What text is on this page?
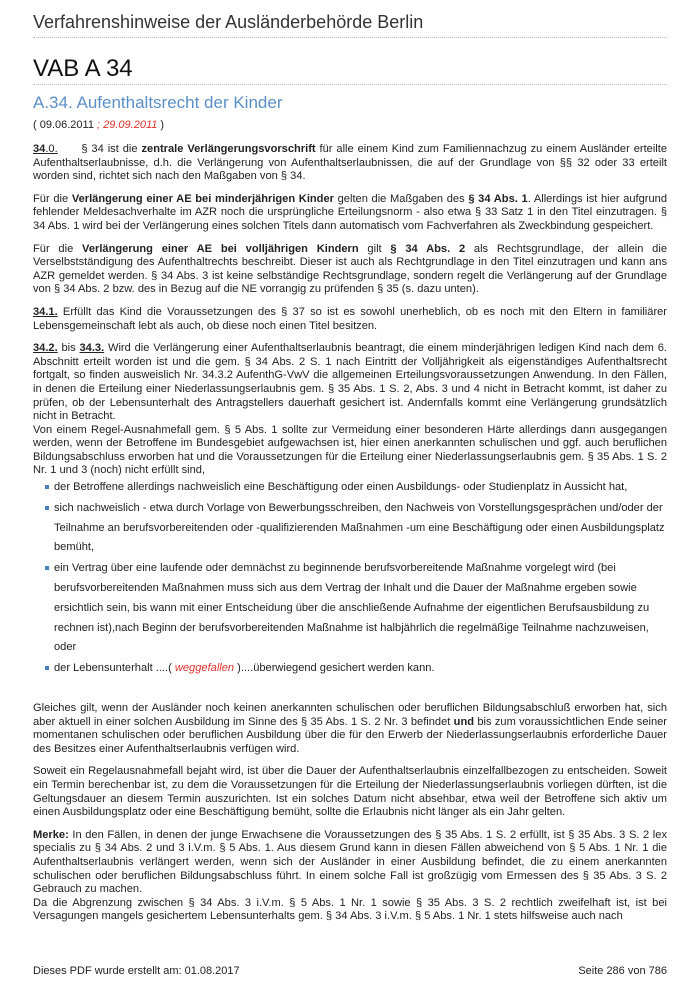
Verfahrenshinweise der Ausländerbehörde Berlin
VAB A 34
A.34. Aufenthaltsrecht der Kinder
( 09.06.2011 ; 29.09.2011 )

34.0.      § 34 ist die zentrale Verlängerungsvorschrift für alle einem Kind zum Familiennachzug zu einem Ausländer erteilte Aufenthaltserlaubnisse, d.h. die Verlängerung von Aufenthaltserlaubnissen, die auf der Grundlage von §§ 32 oder 33 erteilt worden sind, richtet sich nach den Maßgaben von § 34.

Für die Verlängerung einer AE bei minderjährigen Kinder gelten die Maßgaben des § 34 Abs. 1. Allerdings ist hier aufgrund fehlender Meldesachverhalte im AZR noch die ursprüngliche Erteilungsnorm - also etwa § 33 Satz 1 in den Titel einzutragen. § 34 Abs. 1 wird bei der Verlängerung eines solchen Titels dann automatisch vom Fachverfahren als Zweckbindung gespeichert.

Für die Verlängerung einer AE bei volljährigen Kindern gilt § 34 Abs. 2 als Rechtsgrundlage, der allein die Verselbstständigung des Aufenthaltrechts beschreibt. Dieser ist auch als Rechtgrundlage in den Titel einzutragen und kann ans AZR gemeldet werden. § 34 Abs. 3 ist keine selbständige Rechtsgrundlage, sondern regelt die Verlängerung auf der Grundlage von § 34 Abs. 2 bzw. des in Bezug auf die NE vorrangig zu prüfenden § 35 (s. dazu unten).

34.1. Erfüllt das Kind die Voraussetzungen des § 37 so ist es sowohl unerheblich, ob es noch mit den Eltern in familiärer Lebensgemeinschaft lebt als auch, ob diese noch einen Titel besitzen.

34.2. bis 34.3. Wird die Verlängerung einer Aufenthaltserlaubnis beantragt, die einem minderjährigen ledigen Kind nach dem 6. Abschnitt erteilt worden ist und die gem. § 34 Abs. 2 S. 1 nach Eintritt der Volljährigkeit als eigenständiges Aufenthaltsrecht fortgalt, so finden ausweislich Nr. 34.3.2 AufenthG-VwV die allgemeinen Erteilungsvoraussetzungen Anwendung. In den Fällen, in denen die Erteilung einer Niederlassungserlaubnis gem. § 35 Abs. 1 S. 2, Abs. 3 und 4 nicht in Betracht kommt, ist daher zu prüfen, ob der Lebensunterhalt des Antragstellers dauerhaft gesichert ist. Andernfalls kommt eine Verlängerung grundsätzlich nicht in Betracht.

Von einem Regel-Ausnahmefall gem. § 5 Abs. 1 sollte zur Vermeidung einer besonderen Härte allerdings dann ausgegangen werden, wenn der Betroffene im Bundesgebiet aufgewachsen ist, hier einen anerkannten schulischen und ggf. auch beruflichen Bildungsabschluss erworben hat und die Voraussetzungen für die Erteilung einer Niederlassungserlaubnis gem. § 35 Abs. 1 S. 2 Nr. 1 und 3 (noch) nicht erfüllt sind,

der Betroffene allerdings nachweislich eine Beschäftigung oder einen Ausbildungs- oder Studienplatz in Aussicht hat,
sich nachweislich - etwa durch Vorlage von Bewerbungsschreiben, den Nachweis von Vorstellungsgesprächen und/oder der Teilnahme an berufsvorbereitenden oder -qualifizierenden Maßnahmen -um eine Beschäftigung oder einen Ausbildungsplatz bemüht,
ein Vertrag über eine laufende oder demnächst zu beginnende berufsvorbereitende Maßnahme vorgelegt wird (bei berufsvorbereitenden Maßnahmen muss sich aus dem Vertrag der Inhalt und die Dauer der Maßnahme ergeben sowie ersichtlich sein, bis wann mit einer Entscheidung über die anschließende Aufnahme der eigentlichen Berufsausbildung zu rechnen ist),nach Beginn der berufsvorbereitenden Maßnahme ist halbjährlich die regelmäßige Teilnahme nachzuweisen, oder
der Lebensunterhalt ....( weggefallen )....überwiegend gesichert werden kann.

Gleiches gilt, wenn der Ausländer noch keinen anerkannten schulischen oder beruflichen Bildungsabschluß erworben hat, sich aber aktuell in einer solchen Ausbildung im Sinne des § 35 Abs. 1 S. 2 Nr. 3 befindet und bis zum voraussichtlichen Ende seiner momentanen schulischen oder beruflichen Ausbildung über die für den Erwerb der Niederlassungserlaubnis erforderliche Dauer des Besitzes einer Aufenthaltserlaubnis verfügen wird.

Soweit ein Regelausnahmefall bejaht wird, ist über die Dauer der Aufenthaltserlaubnis einzelfallbezogen zu entscheiden. Soweit ein Termin berechenbar ist, zu dem die Voraussetzungen für die Erteilung der Niederlassungserlaubnis vorliegen dürften, ist die Geltungsdauer an diesem Termin auszurichten. Ist ein solches Datum nicht absehbar, etwa weil der Betroffene sich aktiv um einen Ausbildungsplatz oder eine Beschäftigung bemüht, sollte die Erlaubnis nicht länger als ein Jahr gelten.

Merke: In den Fällen, in denen der junge Erwachsene die Voraussetzungen des § 35 Abs. 1 S. 2 erfüllt, ist § 35 Abs. 3 S. 2 lex specialis zu § 34 Abs. 2 und 3 i.V.m. § 5 Abs. 1. Aus diesem Grund kann in diesen Fällen abweichend von § 5 Abs. 1 Nr. 1 die Aufenthaltserlaubnis verlängert werden, wenn sich der Ausländer in einer Ausbildung befindet, die zu einem anerkannten schulischen oder beruflichen Bildungsabschluss führt. In einem solche Fall ist großzügig vom Ermessen des § 35 Abs. 3 S. 2 Gebrauch zu machen.

Da die Abgrenzung zwischen § 34 Abs. 3 i.V.m. § 5 Abs. 1 Nr. 1 sowie § 35 Abs. 3 S. 2 rechtlich zweifelhaft ist, ist bei Versagungen mangels gesichertem Lebensunterhalts gem. § 34 Abs. 3 i.V.m. § 5 Abs. 1 Nr. 1 stets hilfsweise auch nach

Dieses PDF wurde erstellt am: 01.08.2017	Seite 286 von 786
